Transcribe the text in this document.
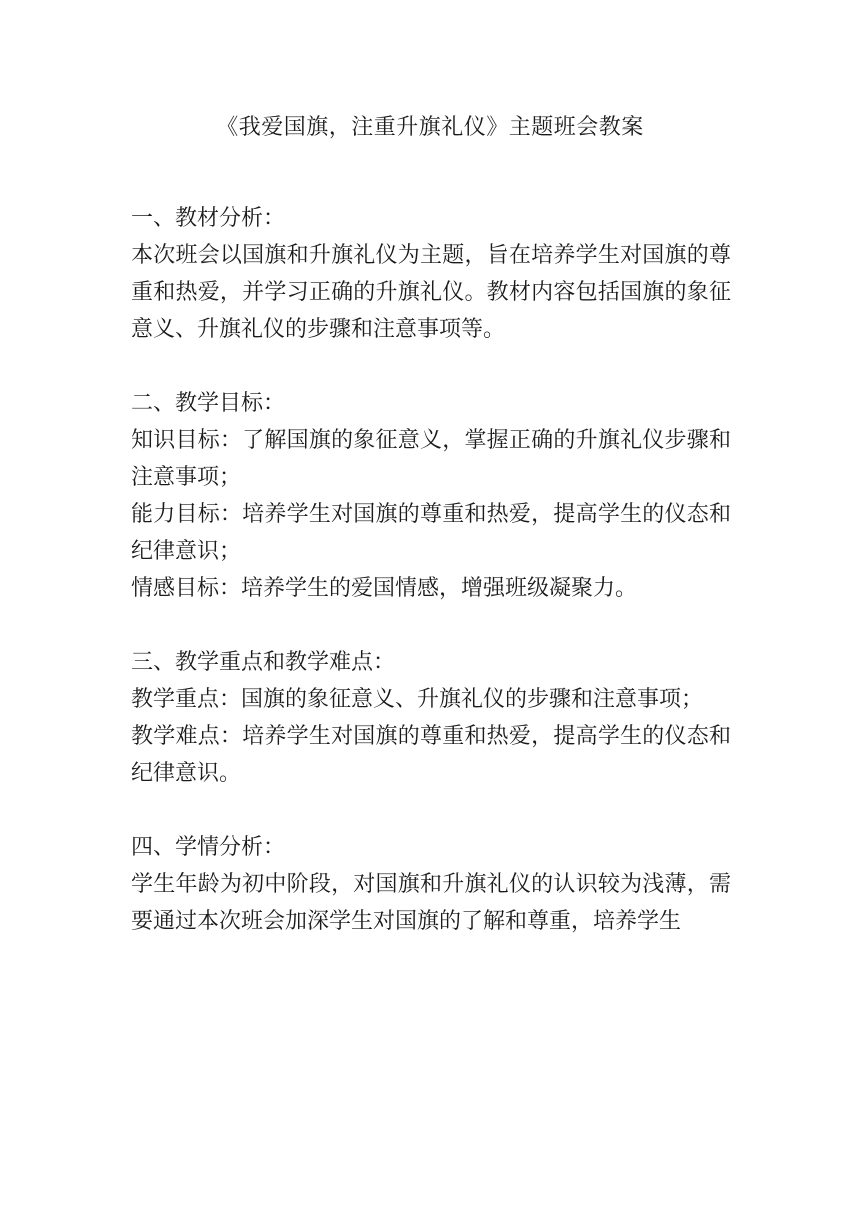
《我爱国旗，注重升旗礼仪》主题班会教案

一、教材分析：

本次班会以国旗和升旗礼仪为主题，旨在培养学生对国旗的尊重和热爱，并学习正确的升旗礼仪。教材内容包括国旗的象征意义、升旗礼仪的步骤和注意事项等。

二、教学目标：

知识目标：了解国旗的象征意义，掌握正确的升旗礼仪步骤和注意事项；

能力目标：培养学生对国旗的尊重和热爱，提高学生的仪态和纪律意识；

情感目标：培养学生的爱国情感，增强班级凝聚力。

三、教学重点和教学难点：

教学重点：国旗的象征意义、升旗礼仪的步骤和注意事项；

教学难点：培养学生对国旗的尊重和热爱，提高学生的仪态和纪律意识。

四、学情分析：

学生年龄为初中阶段，对国旗和升旗礼仪的认识较为浅薄，需要通过本次班会加深学生对国旗的了解和尊重，培养学生
